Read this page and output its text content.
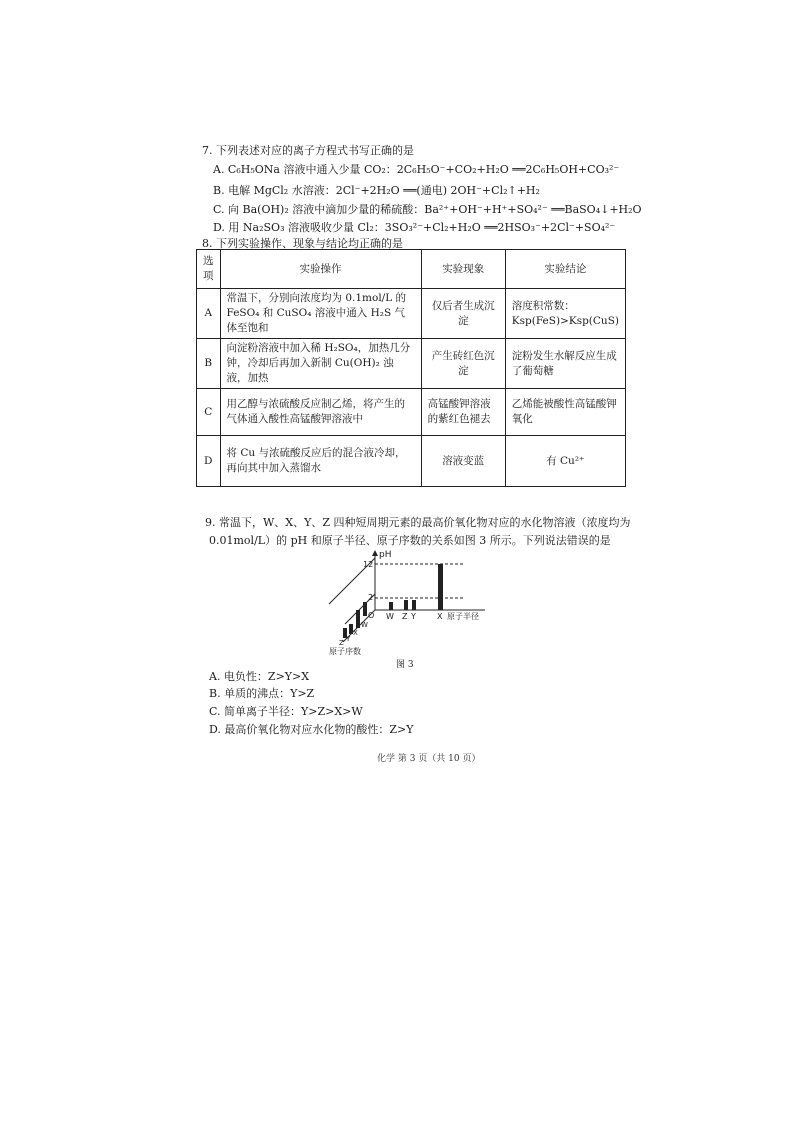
7. 下列表述对应的离子方程式书写正确的是
A. C₆H₅ONa 溶液中通入少量 CO₂：2C₆H₅O⁻+CO₂+H₂O ══2C₆H₅OH+CO₃²⁻
B. 电解 MgCl₂ 水溶液：2Cl⁻+2H₂O ══(通电) 2OH⁻+Cl₂↑+H₂
C. 向 Ba(OH)₂ 溶液中滴加少量的稀硫酸：Ba²⁺+OH⁻+H⁺+SO₄²⁻ ══BaSO₄↓+H₂O
D. 用 Na₂SO₃ 溶液吸收少量 Cl₂：3SO₃²⁻+Cl₂+H₂O ══2HSO₃⁻+2Cl⁻+SO₄²⁻
8. 下列实验操作、现象与结论均正确的是
选项	实验操作	实验现象	实验结论
A	常温下，分别向浓度均为 0.1mol/L 的 FeSO₄ 和 CuSO₄ 溶液中通入 H₂S 气体至饱和	仅后者生成沉淀	溶度积常数：Ksp(FeS)>Ksp(CuS)
B	向淀粉溶液中加入稀 H₂SO₄，加热几分钟，冷却后再加入新制 Cu(OH)₂ 浊液，加热	产生砖红色沉淀	淀粉发生水解反应生成了葡萄糖
C	用乙醇与浓硫酸反应制乙烯，将产生的气体通入酸性高锰酸钾溶液中	高锰酸钾溶液的紫红色褪去	乙烯能被酸性高锰酸钾氧化
D	将 Cu 与浓硫酸反应后的混合液冷却，再向其中加入蒸馏水	溶液变蓝	有 Cu²⁺
9. 常温下，W、X、Y、Z 四种短周期元素的最高价氧化物对应的水化物溶液（浓度均为
0.01mol/L）的 pH 和原子半径、原子序数的关系如图 3 所示。下列说法错误的是
pH
12
2
O W Z Y	X 原子半径
Z Y
X
W
原子序数
图 3
A. 电负性：Z>Y>X
B. 单质的沸点：Y>Z
C. 简单离子半径：Y>Z>X>W
D. 最高价氧化物对应水化物的酸性：Z>Y
化学 第 3 页（共 10 页）
